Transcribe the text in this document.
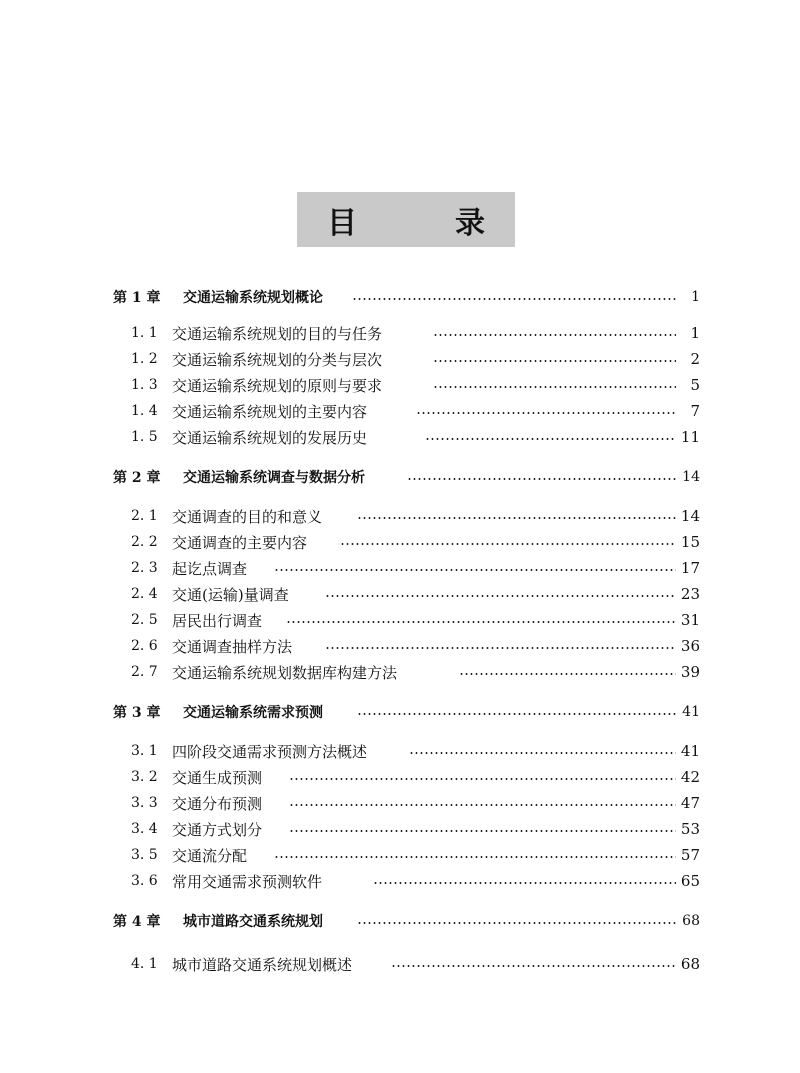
目	录
第 1 章 交通运输系统规划概论	1
1. 1 交通运输系统规划的目的与任务	1
1. 2 交通运输系统规划的分类与层次	2
1. 3 交通运输系统规划的原则与要求	5
1. 4 交通运输系统规划的主要内容	7
1. 5 交通运输系统规划的发展历史	11
第 2 章 交通运输系统调查与数据分析	14
2. 1 交通调查的目的和意义	14
2. 2 交通调查的主要内容	15
2. 3 起讫点调查	17
2. 4 交通(运输)量调查	23
2. 5 居民出行调查	31
2. 6 交通调查抽样方法	36
2. 7 交通运输系统规划数据库构建方法	39
第 3 章 交通运输系统需求预测	41
3. 1 四阶段交通需求预测方法概述	41
3. 2 交通生成预测	42
3. 3 交通分布预测	47
3. 4 交通方式划分	53
3. 5 交通流分配	57
3. 6 常用交通需求预测软件	65
第 4 章 城市道路交通系统规划	68
4. 1 城市道路交通系统规划概述	68
